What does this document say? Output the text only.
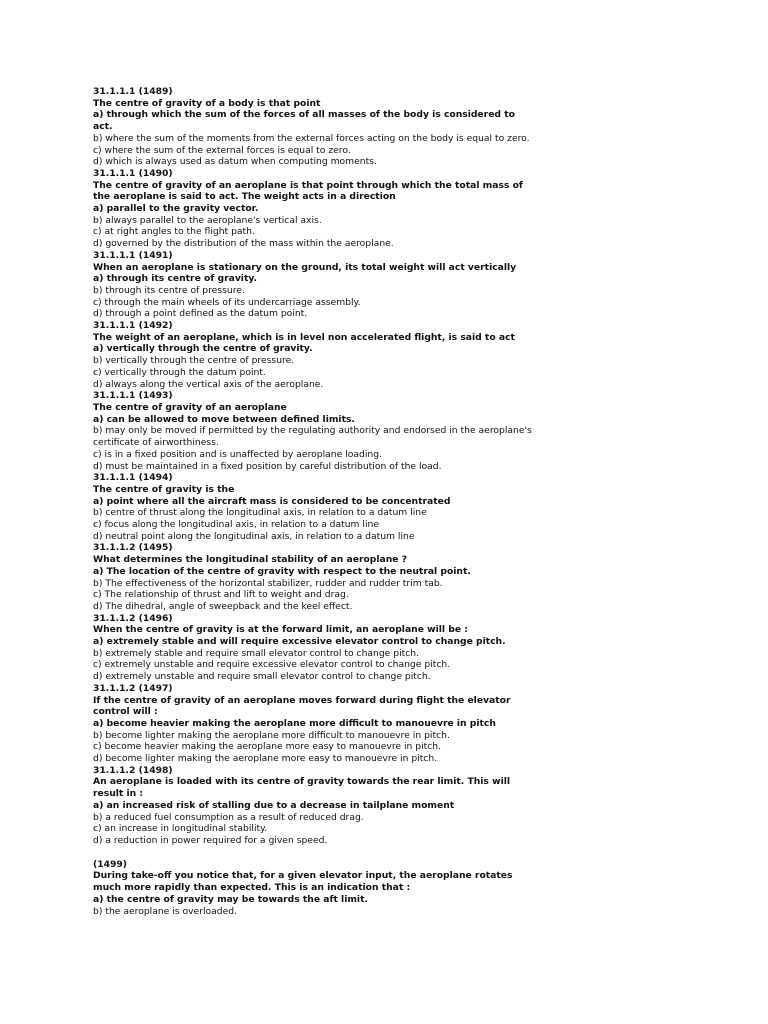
31.1.1.1 (1489)

The centre of gravity of a body is that point

a) through which the sum of the forces of all masses of the body is considered to act.

b) where the sum of the moments from the external forces acting on the body is equal to zero.

c) where the sum of the external forces is equal to zero.

d) which is always used as datum when computing moments.

31.1.1.1 (1490)

The centre of gravity of an aeroplane is that point through which the total mass of the aeroplane is said to act. The weight acts in a direction

a) parallel to the gravity vector.

b) always parallel to the aeroplane's vertical axis.

c) at right angles to the flight path.

d) governed by the distribution of the mass within the aeroplane.

31.1.1.1 (1491)

When an aeroplane is stationary on the ground, its total weight will act vertically

a) through its centre of gravity.

b) through its centre of pressure.

c) through the main wheels of its undercarriage assembly.

d) through a point defined as the datum point.

31.1.1.1 (1492)

The weight of an aeroplane, which is in level non accelerated flight, is said to act

a) vertically through the centre of gravity.

b) vertically through the centre of pressure.

c) vertically through the datum point.

d) always along the vertical axis of the aeroplane.

31.1.1.1 (1493)

The centre of gravity of an aeroplane

a) can be allowed to move between defined limits.

b) may only be moved if permitted by the regulating authority and endorsed in the aeroplane's certificate of airworthiness.

c) is in a fixed position and is unaffected by aeroplane loading.

d) must be maintained in a fixed position by careful distribution of the load.

31.1.1.1 (1494)

The centre of gravity is the

a) point where all the aircraft mass is considered to be concentrated

b) centre of thrust along the longitudinal axis, in relation to a datum line

c) focus along the longitudinal axis, in relation to a datum line

d) neutral point along the longitudinal axis, in relation to a datum line

31.1.1.2 (1495)

What determines the longitudinal stability of an aeroplane ?

a) The location of the centre of gravity with respect to the neutral point.

b) The effectiveness of the horizontal stabilizer, rudder and rudder trim tab.

c) The relationship of thrust and lift to weight and drag.

d) The dihedral, angle of sweepback and the keel effect.

31.1.1.2 (1496)

When the centre of gravity is at the forward limit, an aeroplane will be :

a) extremely stable and will require excessive elevator control to change pitch.

b) extremely stable and require small elevator control to change pitch.

c) extremely unstable and require excessive elevator control to change pitch.

d) extremely unstable and require small elevator control to change pitch.

31.1.1.2 (1497)

If the centre of gravity of an aeroplane moves forward during flight the elevator control will :

a) become heavier making the aeroplane more difficult to manouevre in pitch

b) become lighter making the aeroplane more difficult to manouevre in pitch.

c) become heavier making the aeroplane more easy to manouevre in pitch.

d) become lighter making the aeroplane more easy to manouevre in pitch.

31.1.1.2 (1498)

An aeroplane is loaded with its centre of gravity towards the rear limit. This will result in :

a) an increased risk of stalling due to a decrease in tailplane moment

b) a reduced fuel consumption as a result of reduced drag.

c) an increase in longitudinal stability.

d) a reduction in power required for a given speed.

(1499)

During take-off you notice that, for a given elevator input, the aeroplane rotates much more rapidly than expected. This is an indication that :

a) the centre of gravity may be towards the aft limit.

b) the aeroplane is overloaded.
